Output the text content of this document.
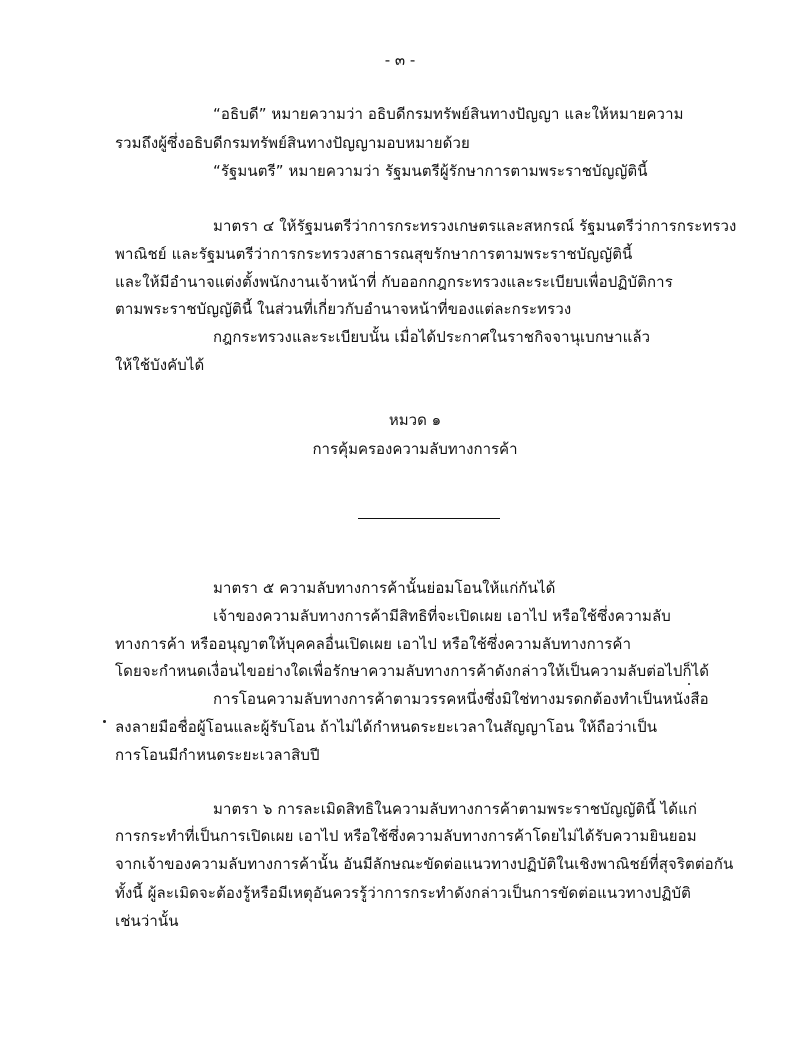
- ๓ -
“อธิบดี” หมายความว่า อธิบดีกรมทรัพย์สินทางปัญญา และให้หมายความ
รวมถึงผู้ซึ่งอธิบดีกรมทรัพย์สินทางปัญญามอบหมายด้วย
“รัฐมนตรี” หมายความว่า รัฐมนตรีผู้รักษาการตามพระราชบัญญัตินี้
มาตรา ๔ ให้รัฐมนตรีว่าการกระทรวงเกษตรและสหกรณ์ รัฐมนตรีว่าการกระทรวง
พาณิชย์ และรัฐมนตรีว่าการกระทรวงสาธารณสุขรักษาการตามพระราชบัญญัตินี้
และให้มีอำนาจแต่งตั้งพนักงานเจ้าหน้าที่ กับออกกฎกระทรวงและระเบียบเพื่อปฏิบัติการ
ตามพระราชบัญญัตินี้ ในส่วนที่เกี่ยวกับอำนาจหน้าที่ของแต่ละกระทรวง
กฎกระทรวงและระเบียบนั้น เมื่อได้ประกาศในราชกิจจานุเบกษาแล้ว
ให้ใช้บังคับได้
หมวด ๑
การคุ้มครองความลับทางการค้า
มาตรา ๕ ความลับทางการค้านั้นย่อมโอนให้แก่กันได้
เจ้าของความลับทางการค้ามีสิทธิที่จะเปิดเผย เอาไป หรือใช้ซึ่งความลับ
ทางการค้า หรืออนุญาตให้บุคคลอื่นเปิดเผย เอาไป หรือใช้ซึ่งความลับทางการค้า
โดยจะกำหนดเงื่อนไขอย่างใดเพื่อรักษาความลับทางการค้าดังกล่าวให้เป็นความลับต่อไปก็ได้
การโอนความลับทางการค้าตามวรรคหนึ่งซึ่งมิใช่ทางมรดกต้องทำเป็นหนังสือ
ลงลายมือชื่อผู้โอนและผู้รับโอน ถ้าไม่ได้กำหนดระยะเวลาในสัญญาโอน ให้ถือว่าเป็น
การโอนมีกำหนดระยะเวลาสิบปี
มาตรา ๖ การละเมิดสิทธิในความลับทางการค้าตามพระราชบัญญัตินี้ ได้แก่
การกระทำที่เป็นการเปิดเผย เอาไป หรือใช้ซึ่งความลับทางการค้าโดยไม่ได้รับความยินยอม
จากเจ้าของความลับทางการค้านั้น อันมีลักษณะขัดต่อแนวทางปฏิบัติในเชิงพาณิชย์ที่สุจริตต่อกัน
ทั้งนี้ ผู้ละเมิดจะต้องรู้หรือมีเหตุอันควรรู้ว่าการกระทำดังกล่าวเป็นการขัดต่อแนวทางปฏิบัติ
เช่นว่านั้น
